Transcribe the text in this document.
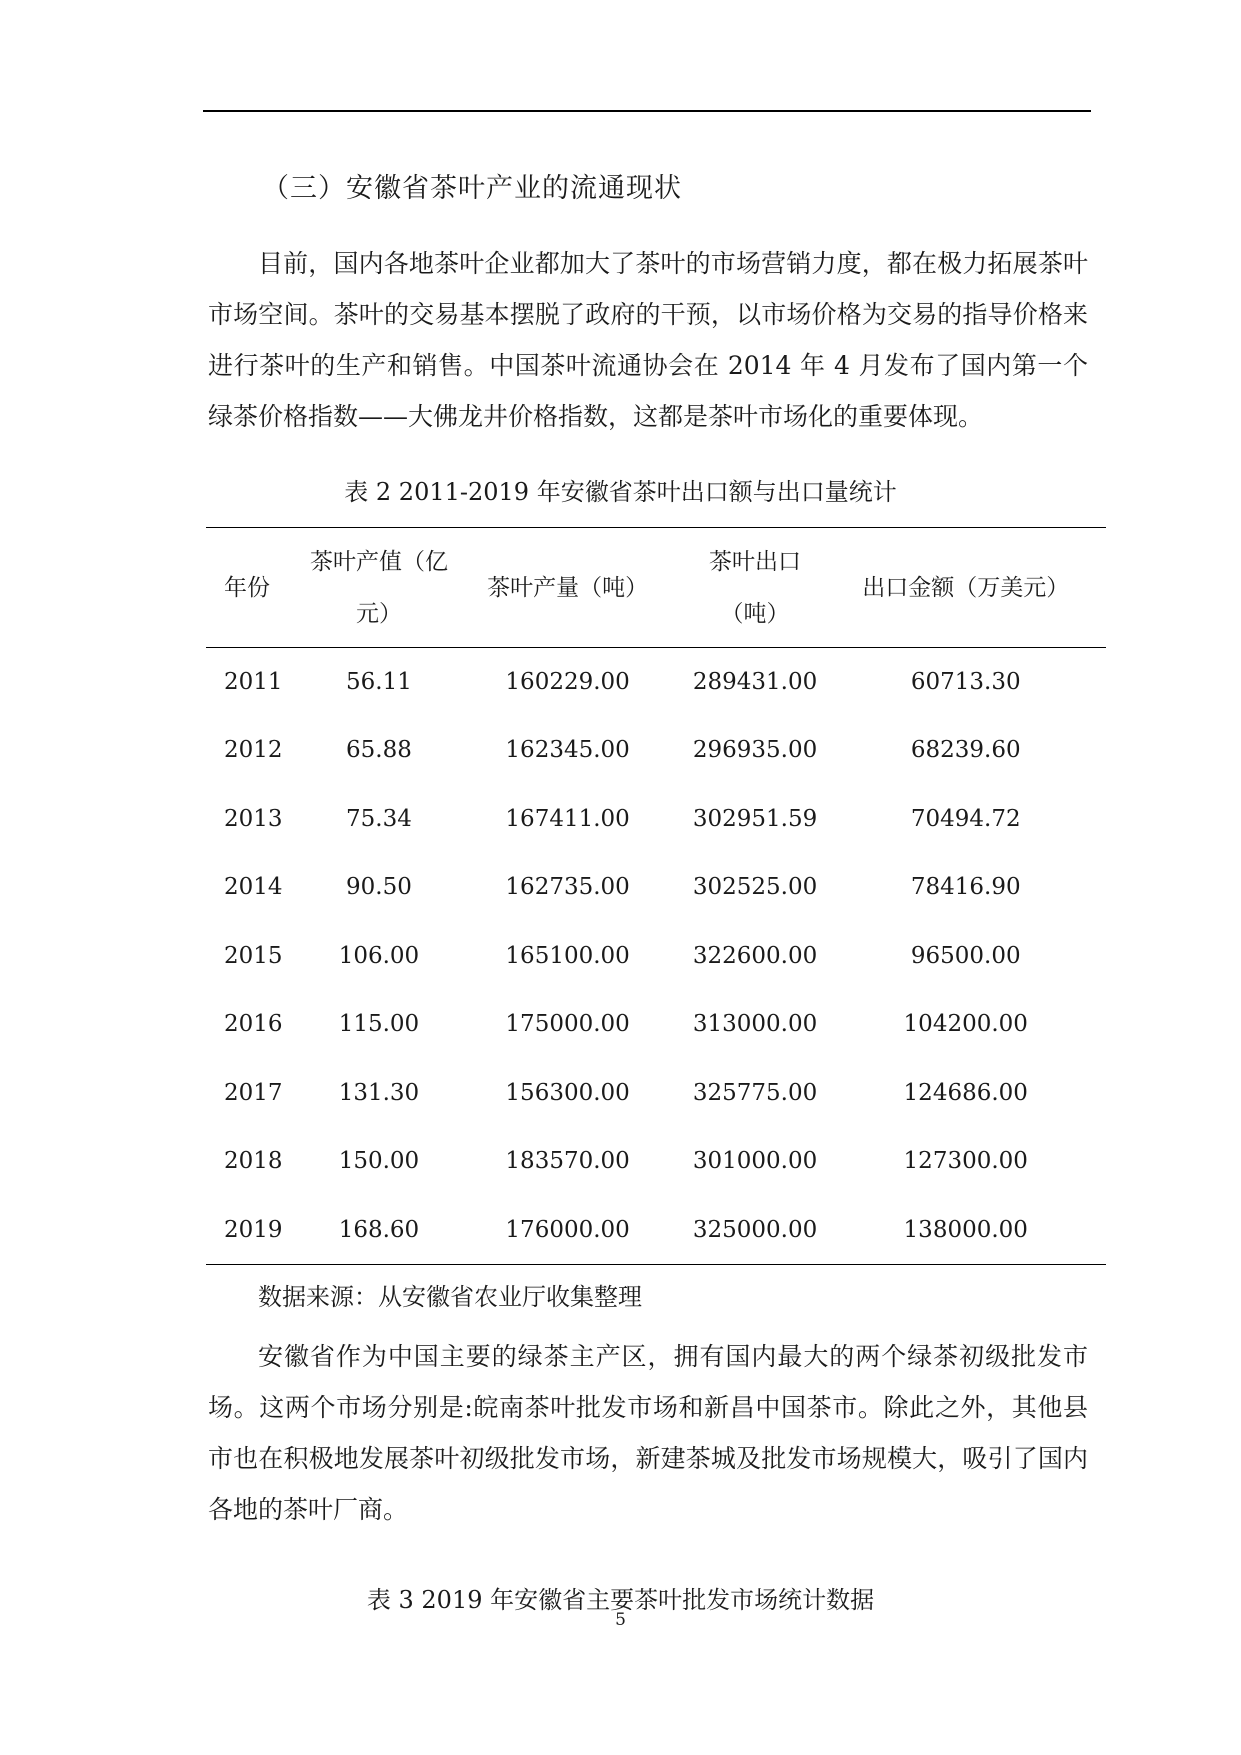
（三）安徽省茶叶产业的流通现状

目前，国内各地茶叶企业都加大了茶叶的市场营销力度，都在极力拓展茶叶市场空间。茶叶的交易基本摆脱了政府的干预，以市场价格为交易的指导价格来进行茶叶的生产和销售。中国茶叶流通协会在 2014 年 4 月发布了国内第一个绿茶价格指数——大佛龙井价格指数，这都是茶叶市场化的重要体现。

表 2 2011-2019 年安徽省茶叶出口额与出口量统计
年份	茶叶产值（亿元）	茶叶产量（吨）	茶叶出口（吨）	出口金额（万美元）
2011	56.11	160229.00	289431.00	60713.30
2012	65.88	162345.00	296935.00	68239.60
2013	75.34	167411.00	302951.59	70494.72
2014	90.50	162735.00	302525.00	78416.90
2015	106.00	165100.00	322600.00	96500.00
2016	115.00	175000.00	313000.00	104200.00
2017	131.30	156300.00	325775.00	124686.00
2018	150.00	183570.00	301000.00	127300.00
2019	168.60	176000.00	325000.00	138000.00
数据来源：从安徽省农业厅收集整理

安徽省作为中国主要的绿茶主产区，拥有国内最大的两个绿茶初级批发市场。这两个市场分别是:皖南茶叶批发市场和新昌中国茶市。除此之外，其他县市也在积极地发展茶叶初级批发市场，新建茶城及批发市场规模大，吸引了国内各地的茶叶厂商。

表 3 2019 年安徽省主要茶叶批发市场统计数据
5
